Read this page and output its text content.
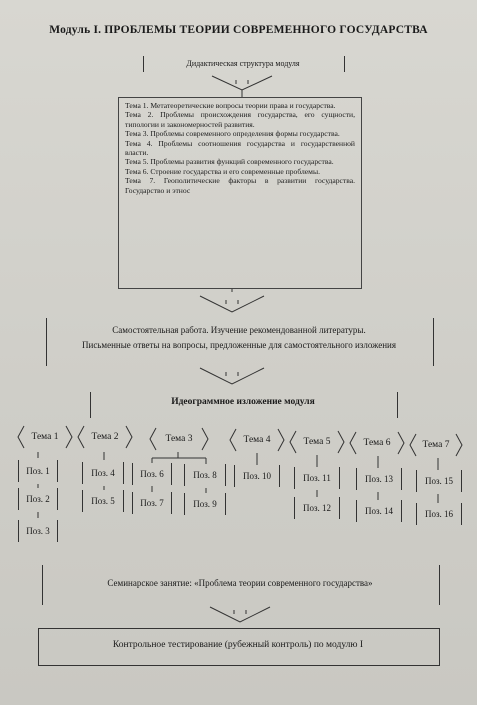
Модуль I. ПРОБЛЕМЫ ТЕОРИИ СОВРЕМЕННОГО ГОСУДАРСТВА
Дидактическая структура модуля
Тема 1. Метатеоретические вопросы теории права и государства.
Тема 2. Проблемы происхождения государства, его сущности, типологии и закономерностей развития.
Тема 3. Проблемы современного определения формы государства.
Тема 4. Проблемы соотношения государства и государственной власти.
Тема 5. Проблемы развития функций современного государства.
Тема 6. Строение государства и его современные проблемы.
Тема 7. Геополитические факторы в развитии государства. Государство и этнос
Самостоятельная работа. Изучение рекомендованной литературы.
Письменные ответы на вопросы, предложенные для самостоятельного изложения
Идеограммное изложение модуля
Тема 1	Тема 2	Тема 3	Тема 4	Тема 5	Тема 6	Тема 7
Поз. 1
Поз. 2
Поз. 3
Поз. 4
Поз. 5
Поз. 6
Поз. 7
Поз. 8
Поз. 9
Поз. 10	Поз. 11
Поз. 12
Поз. 13
Поз. 14
Поз. 15
Поз. 16
Семинарское занятие: «Проблема теории современного государства»
Контрольное тестирование (рубежный контроль) по модулю I
